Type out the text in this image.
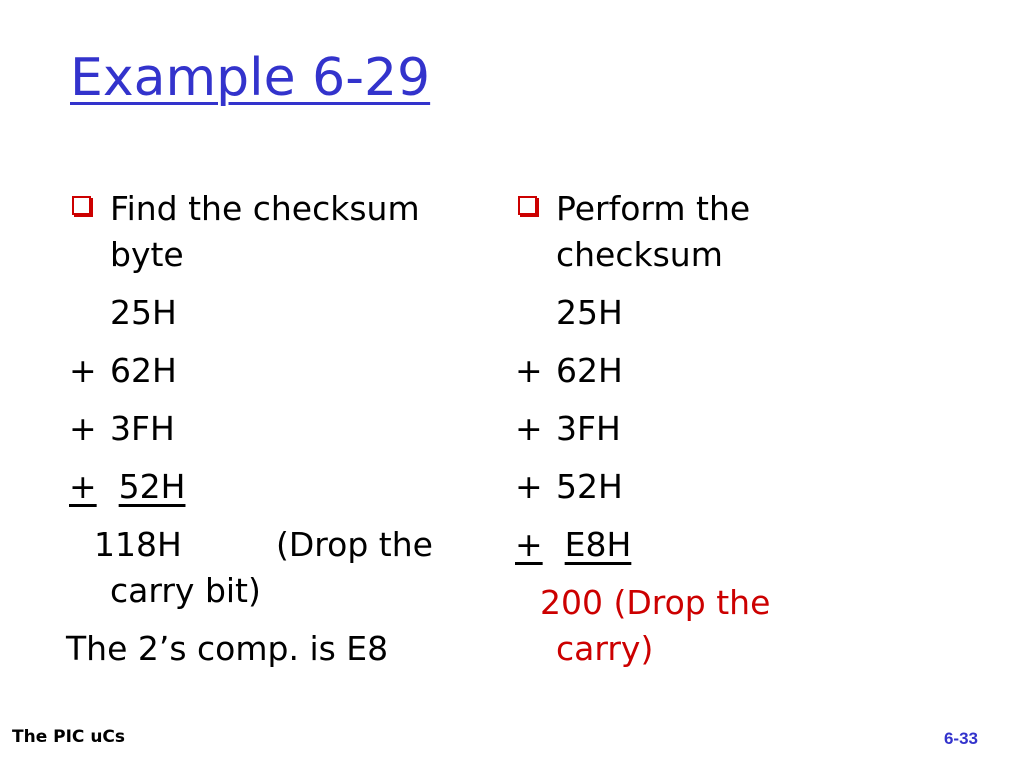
Example 6-29
Find the checksum
byte
25H
+ 62H
+ 3FH
+ 52H
118H	(Drop the
carry bit)
The 2’s comp. is E8
Perform the
checksum
25H
+ 62H
+ 3FH
+ 52H
+ E8H
200 (Drop the
carry)
The PIC uCs	6-33
